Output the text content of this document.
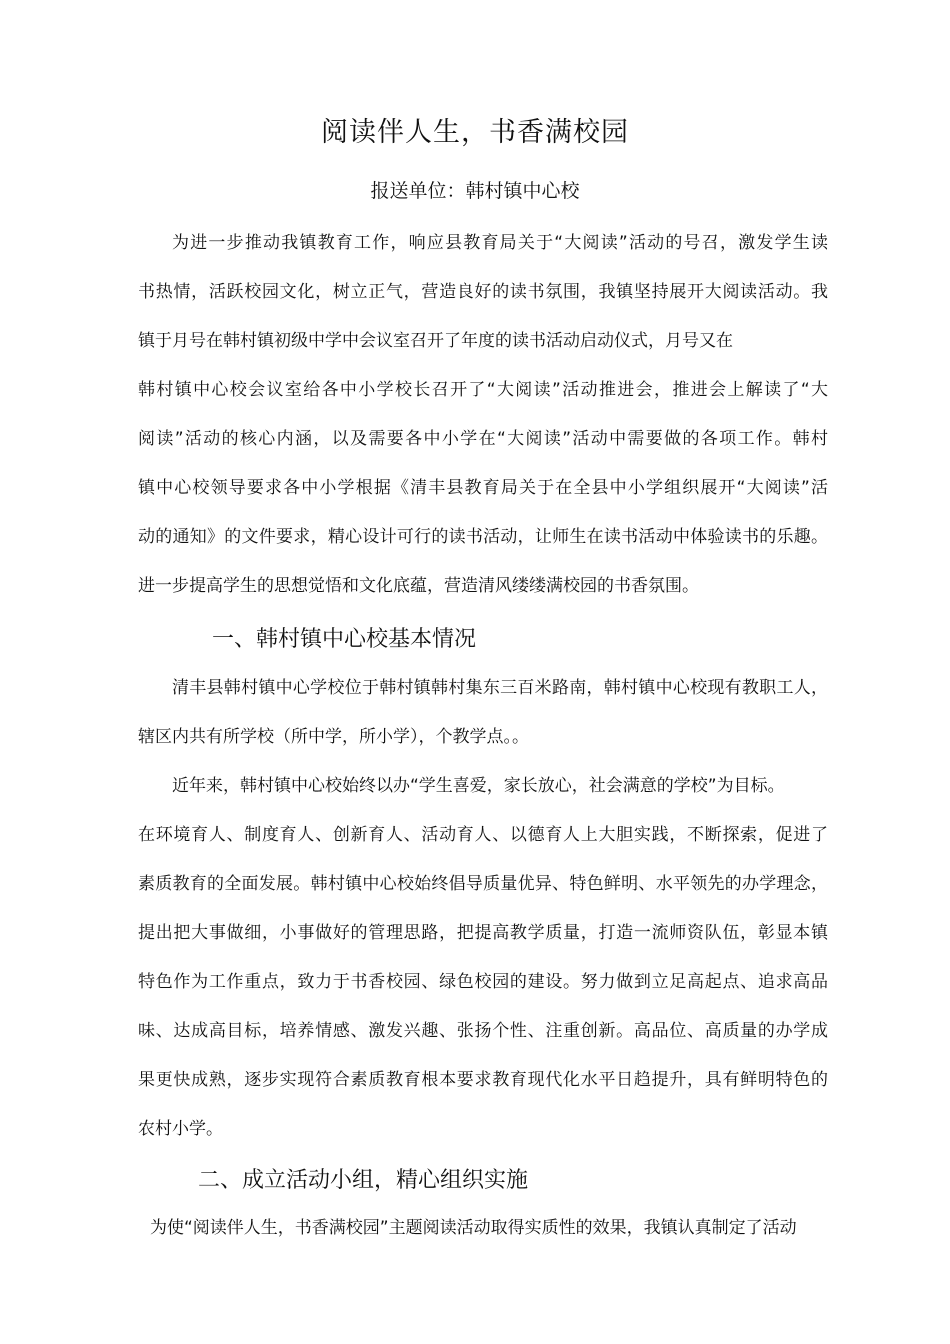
阅读伴人生，书香满校园
报送单位：韩村镇中心校
为进一步推动我镇教育工作，响应县教育局关于“大阅读”活动的号召，激发学生读
书热情，活跃校园文化，树立正气，营造良好的读书氛围，我镇坚持展开大阅读活动。我
镇于月号在韩村镇初级中学中会议室召开了年度的读书活动启动仪式，月号又在
韩村镇中心校会议室给各中小学校长召开了“大阅读”活动推进会，推进会上解读了“大
阅读”活动的核心内涵，以及需要各中小学在“大阅读”活动中需要做的各项工作。韩村
镇中心校领导要求各中小学根据《清丰县教育局关于在全县中小学组织展开“大阅读”活
动的通知》的文件要求，精心设计可行的读书活动，让师生在读书活动中体验读书的乐趣。
进一步提高学生的思想觉悟和文化底蕴，营造清风缕缕满校园的书香氛围。
一、韩村镇中心校基本情况
清丰县韩村镇中心学校位于韩村镇韩村集东三百米路南，韩村镇中心校现有教职工人，
辖区内共有所学校（所中学，所小学），个教学点。。
近年来，韩村镇中心校始终以办“学生喜爱，家长放心，社会满意的学校”为目标。
在环境育人、制度育人、创新育人、活动育人、以德育人上大胆实践，不断探索，促进了
素质教育的全面发展。韩村镇中心校始终倡导质量优异、特色鲜明、水平领先的办学理念，
提出把大事做细，小事做好的管理思路，把提高教学质量，打造一流师资队伍，彰显本镇
特色作为工作重点，致力于书香校园、绿色校园的建设。努力做到立足高起点、追求高品
味、达成高目标，培养情感、激发兴趣、张扬个性、注重创新。高品位、高质量的办学成
果更快成熟，逐步实现符合素质教育根本要求教育现代化水平日趋提升，具有鲜明特色的
农村小学。
二、成立活动小组，精心组织实施
为使“阅读伴人生，书香满校园”主题阅读活动取得实质性的效果，我镇认真制定了活动
